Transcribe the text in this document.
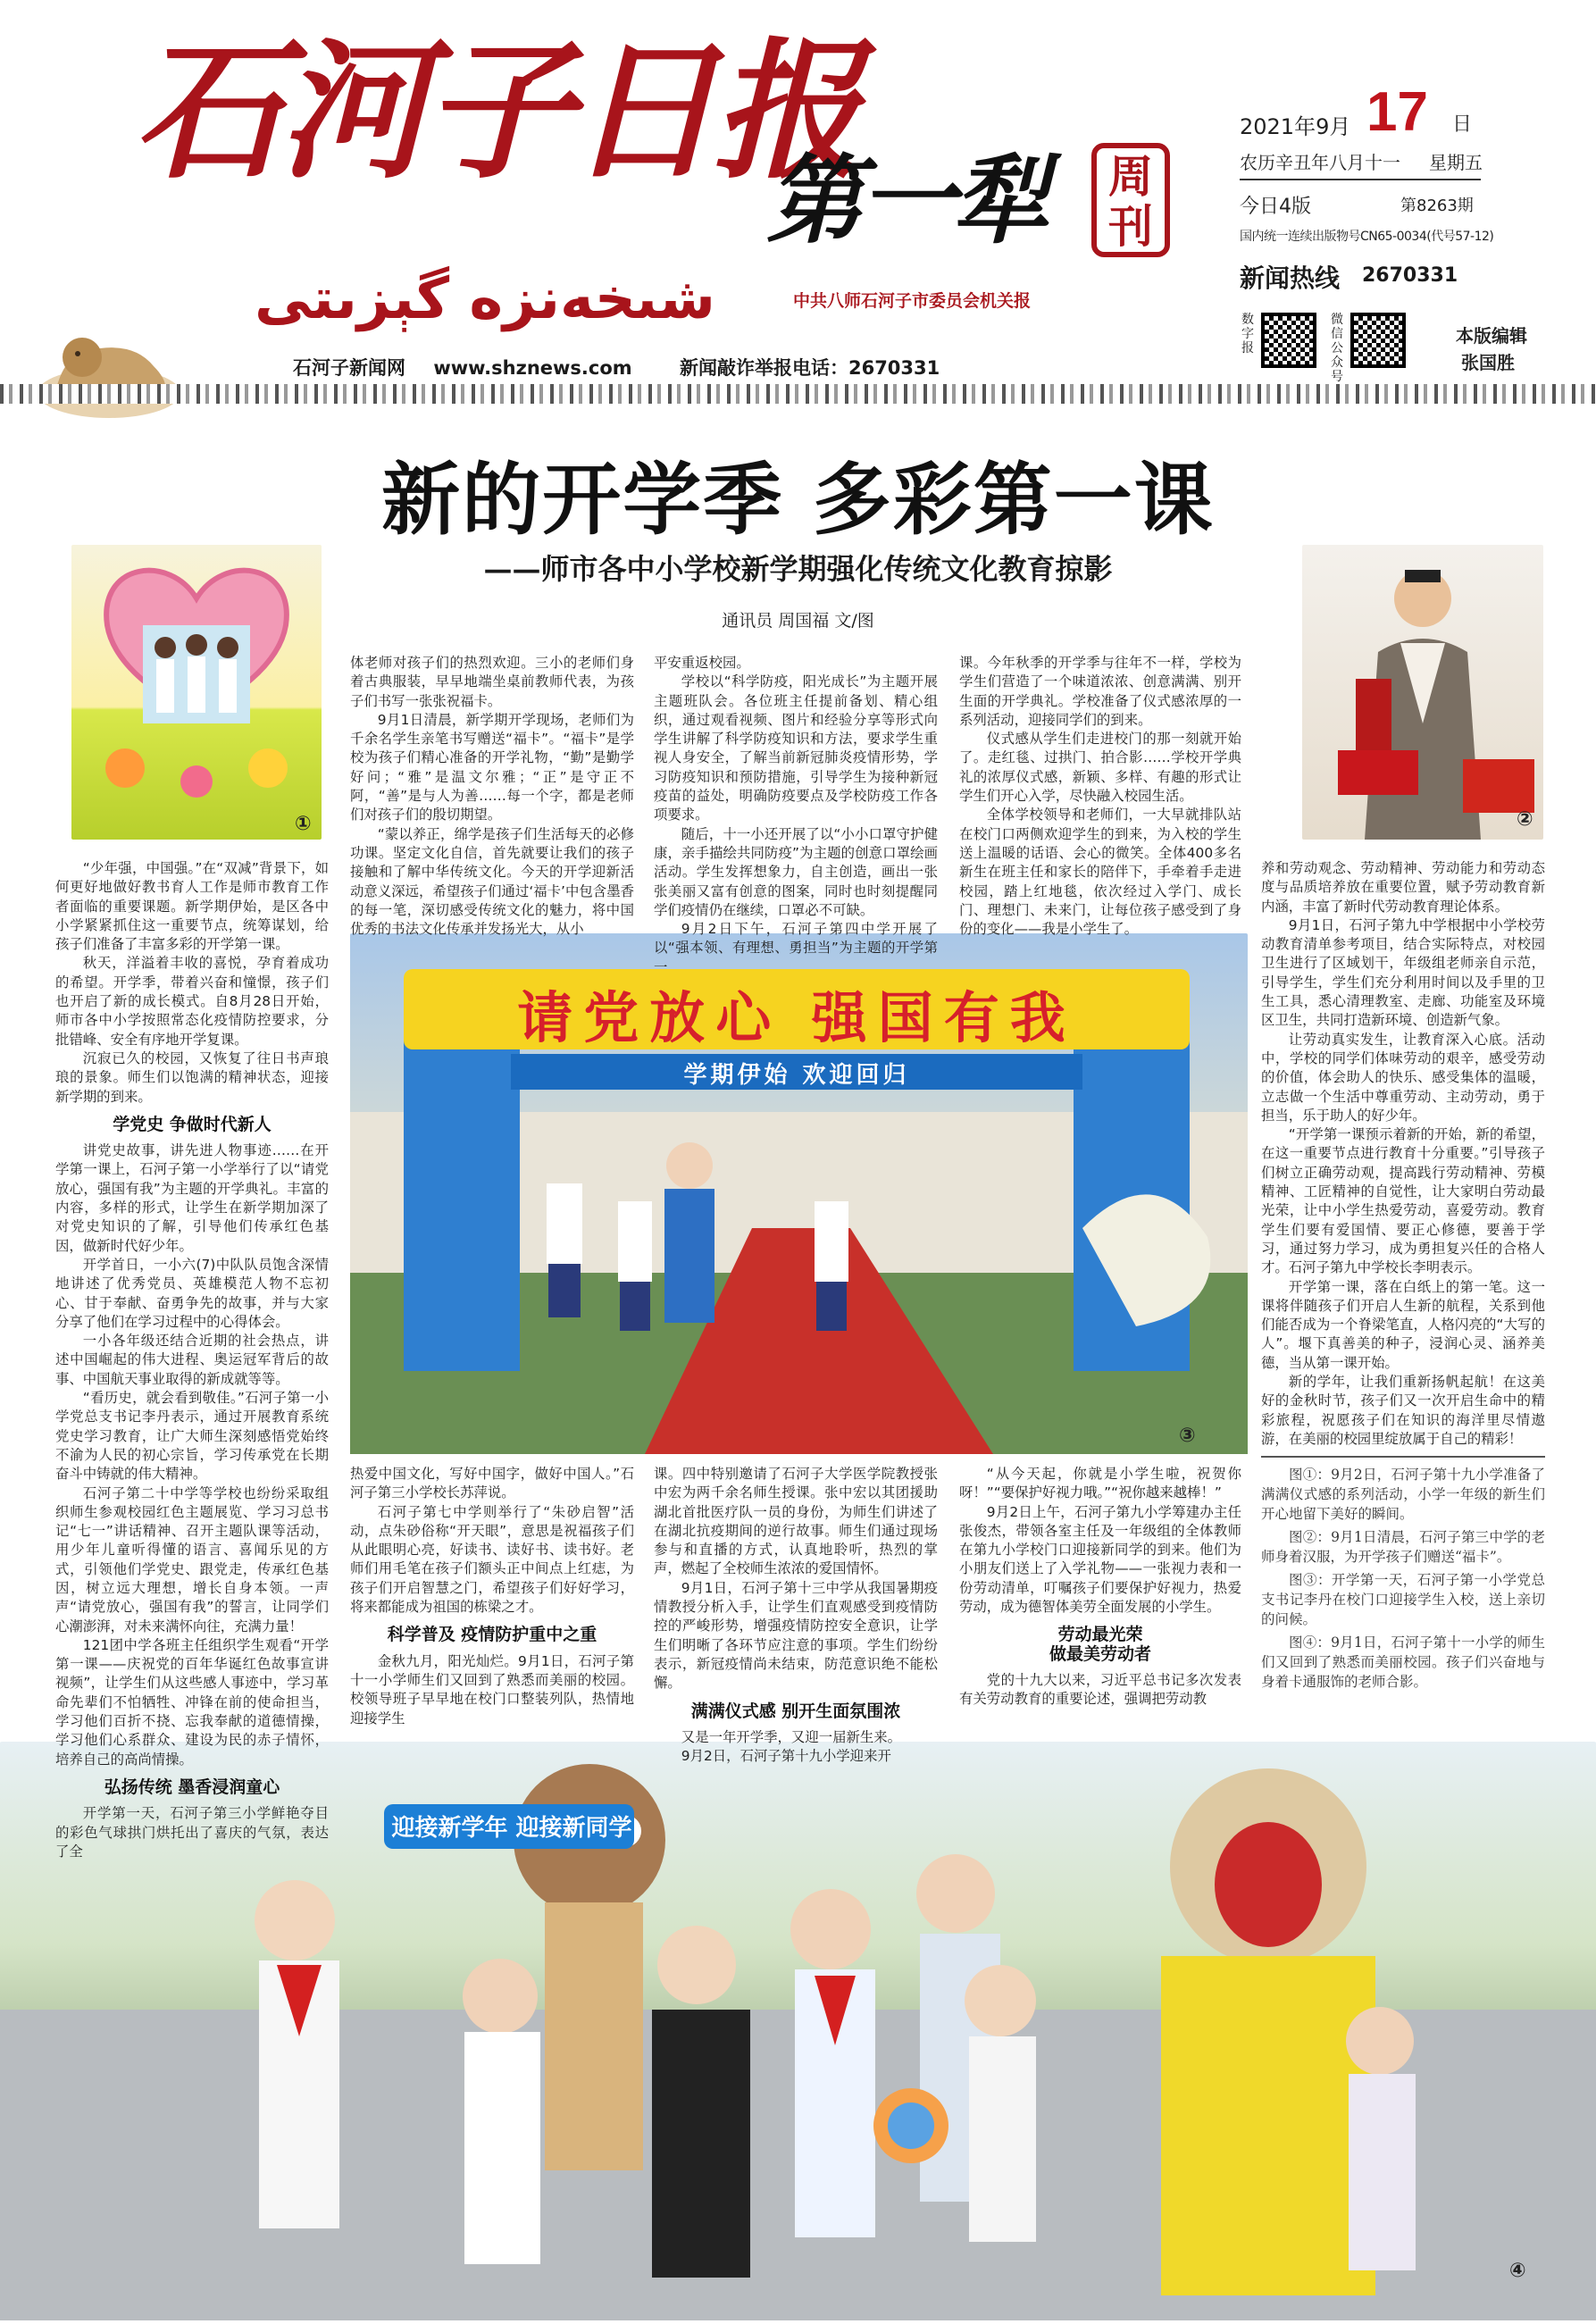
石河子日报
شىخەنزە گېزىتى
第一犁	周刊
中共八师石河子市委员会机关报
2021年9月 17 日
农历辛丑年八月十一 星期五
今日4版	第8263期
国内统一连续出版物号CN65-0034(代号57-12)
新闻热线 2670331
数字报
微信公众号
本版编辑
张国胜
石河子新闻网 www.shznews.com	新闻敲诈举报电话：2670331
新的开学季 多彩第一课
——师市各中小学校新学期强化传统文化教育掠影
通讯员 周国福 文/图
①	②
请党放心 强国有我
学期伊始 欢迎回归
③
迎接新学年 迎接新同学
④

“少年强，中国强。”在“双减”背景下，如何更好地做好教书育人工作是师市教育工作者面临的重要课题。新学期伊始，是区各中小学紧紧抓住这一重要节点，统筹谋划，给孩子们准备了丰富多彩的开学第一课。

秋天，洋溢着丰收的喜悦，孕育着成功的希望。开学季，带着兴奋和憧憬，孩子们也开启了新的成长模式。自8月28日开始，师市各中小学按照常态化疫情防控要求，分批错峰、安全有序地开学复课。

沉寂已久的校园，又恢复了往日书声琅琅的景象。师生们以饱满的精神状态，迎接新学期的到来。

学党史 争做时代新人

讲党史故事，讲先进人物事迹……在开学第一课上，石河子第一小学举行了以“请党放心，强国有我”为主题的开学典礼。丰富的内容，多样的形式，让学生在新学期加深了对党史知识的了解，引导他们传承红色基因，做新时代好少年。

开学首日，一小六(7)中队队员饱含深情地讲述了优秀党员、英雄模范人物不忘初心、甘于奉献、奋勇争先的故事，并与大家分享了他们在学习过程中的心得体会。

一小各年级还结合近期的社会热点，讲述中国崛起的伟大进程、奥运冠军背后的故事、中国航天事业取得的新成就等等。

“看历史，就会看到敬佳。”石河子第一小学党总支书记李丹表示，通过开展教育系统党史学习教育，让广大师生深刻感悟党始终不渝为人民的初心宗旨，学习传承党在长期奋斗中铸就的伟大精神。

石河子第二十中学等学校也纷纷采取组织师生参观校园红色主题展览、学习习总书记“七一”讲话精神、召开主题队课等活动，用少年儿童听得懂的语言、喜闻乐见的方式，引领他们学党史、跟党走，传承红色基因，树立远大理想，增长自身本领。一声声“请党放心，强国有我”的誓言，让同学们心潮澎湃，对未来满怀向往，充满力量！

121团中学各班主任组织学生观看“开学第一课——庆祝党的百年华诞红色故事宣讲视频”，让学生们从这些感人事迹中，学习革命先辈们不怕牺牲、冲锋在前的使命担当，学习他们百折不挠、忘我奉献的道德情操，学习他们心系群众、建设为民的赤子情怀，培养自己的高尚情操。

弘扬传统 墨香浸润童心

开学第一天，石河子第三小学鲜艳夺目的彩色气球拱门烘托出了喜庆的气氛，表达了全

体老师对孩子们的热烈欢迎。三小的老师们身着古典服装，早早地端坐桌前教师代表，为孩子们书写一张张祝福卡。

9月1日清晨，新学期开学现场，老师们为千余名学生亲笔书写赠送“福卡”。“福卡”是学校为孩子们精心准备的开学礼物，“勤”是勤学好问；“雅”是温文尔雅；“正”是守正不阿，“善”是与人为善……每一个字，都是老师们对孩子们的殷切期望。

“蒙以养正，绵学是孩子们生活每天的必修功课。坚定文化自信，首先就要让我们的孩子接触和了解中华传统文化。今天的开学迎新活动意义深远，希望孩子们通过‘福卡’中包含墨香的每一笔，深切感受传统文化的魅力，将中国优秀的书法文化传承并发扬光大，从小

平安重返校园。

学校以“科学防疫，阳光成长”为主题开展主题班队会。各位班主任提前备划、精心组织，通过观看视频、图片和经验分享等形式向学生讲解了科学防疫知识和方法，要求学生重视人身安全，了解当前新冠肺炎疫情形势，学习防疫知识和预防措施，引导学生为接种新冠疫苗的益处，明确防疫要点及学校防疫工作各项要求。

随后，十一小还开展了以“小小口罩守护健康，亲手描绘共同防疫”为主题的创意口罩绘画活动。学生发挥想象力，自主创造，画出一张张美丽又富有创意的图案，同时也时刻提醒同学们疫情仍在继续，口罩必不可缺。

9月2日下午，石河子第四中学开展了以“强本领、有理想、勇担当”为主题的开学第一

课。今年秋季的开学季与往年不一样，学校为学生们营造了一个味道浓浓、创意满满、别开生面的开学典礼。学校准备了仪式感浓厚的一系列活动，迎接同学们的到来。

仪式感从学生们走进校门的那一刻就开始了。走红毯、过拱门、拍合影……学校开学典礼的浓厚仪式感，新颖、多样、有趣的形式让学生们开心入学，尽快融入校园生活。

全体学校领导和老师们，一大早就排队站在校门口两侧欢迎学生的到来，为入校的学生送上温暖的话语、会心的微笑。全体400多名新生在班主任和家长的陪伴下，手牵着手走进校园，踏上红地毯，依次经过入学门、成长门、理想门、未来门，让每位孩子感受到了身份的变化——我是小学生了。

养和劳动观念、劳动精神、劳动能力和劳动态度与品质培养放在重要位置，赋予劳动教育新内涵，丰富了新时代劳动教育理论体系。

9月1日，石河子第九中学根据中小学校劳动教育清单参考项目，结合实际特点，对校园卫生进行了区域划干，年级组老师亲自示范，引导学生，学生们充分利用时间以及手里的卫生工具，悉心清理教室、走廊、功能室及环境区卫生，共同打造新环境、创造新气象。

让劳动真实发生，让教育深入心底。活动中，学校的同学们体味劳动的艰辛，感受劳动的价值，体会助人的快乐、感受集体的温暖，立志做一个生活中尊重劳动、主动劳动，勇于担当，乐于助人的好少年。

“开学第一课预示着新的开始，新的希望，在这一重要节点进行教育十分重要。”引导孩子们树立正确劳动观，提高践行劳动精神、劳模精神、工匠精神的自觉性，让大家明白劳动最光荣，让中小学生热爱劳动，喜爱劳动。教育学生们要有爱国情、要正心修德，要善于学习，通过努力学习，成为勇担复兴任的合格人才。石河子第九中学校长李明表示。

开学第一课，落在白纸上的第一笔。这一课将伴随孩子们开启人生新的航程，关系到他们能否成为一个脊梁笔直，人格闪亮的“大写的人”。堰下真善美的种子，浸润心灵、涵养美德，当从第一课开始。

新的学年，让我们重新扬帆起航！在这美好的金秋时节，孩子们又一次开启生命中的精彩旅程，祝愿孩子们在知识的海洋里尽情遨游，在美丽的校园里绽放属于自己的精彩！

热爱中国文化，写好中国字，做好中国人。”石河子第三小学校长苏萍说。

石河子第七中学则举行了“朱砂启智”活动，点朱砂俗称“开天眼”，意思是祝福孩子们从此眼明心亮，好读书、读好书、读书好。老师们用毛笔在孩子们额头正中间点上红痣，为孩子们开启智慧之门，希望孩子们好好学习，将来都能成为祖国的栋梁之才。

科学普及 疫情防护重中之重

金秋九月，阳光灿烂。9月1日，石河子第十一小学师生们又回到了熟悉而美丽的校园。校领导班子早早地在校门口整装列队，热情地迎接学生

课。四中特别邀请了石河子大学医学院教授张中宏为两千余名师生授课。张中宏以其团援助湖北首批医疗队一员的身份，为师生们讲述了在湖北抗疫期间的逆行故事。师生们通过现场参与和直播的方式，认真地聆听，热烈的掌声，燃起了全校师生浓浓的爱国情怀。

9月1日，石河子第十三中学从我国暑期疫情教授分析入手，让学生们直观感受到疫情防控的严峻形势，增强疫情防控安全意识，让学生们明晰了各环节应注意的事项。学生们纷纷表示，新冠疫情尚未结束，防范意识绝不能松懈。

满满仪式感 别开生面氛围浓

又是一年开学季，又迎一届新生来。

9月2日，石河子第十九小学迎来开

“从今天起，你就是小学生啦，祝贺你呀！”“要保护好视力哦。”“祝你越来越棒！”

9月2日上午，石河子第九小学筹建办主任张俊杰，带领各室主任及一年级组的全体教师在第九小学校门口迎接新同学的到来。他们为小朋友们送上了入学礼物——一张视力表和一份劳动清单，叮嘱孩子们要保护好视力，热爱劳动，成为德智体美劳全面发展的小学生。

劳动最光荣
做最美劳动者

党的十九大以来，习近平总书记多次发表有关劳动教育的重要论述，强调把劳动教

图①：9月2日，石河子第十九小学准备了满满仪式感的系列活动，小学一年级的新生们开心地留下美好的瞬间。

图②：9月1日清晨，石河子第三中学的老师身着汉服，为开学孩子们赠送“福卡”。

图③：开学第一天，石河子第一小学党总支书记李丹在校门口迎接学生入校，送上亲切的问候。

图④：9月1日，石河子第十一小学的师生们又回到了熟悉而美丽校园。孩子们兴奋地与身着卡通服饰的老师合影。
